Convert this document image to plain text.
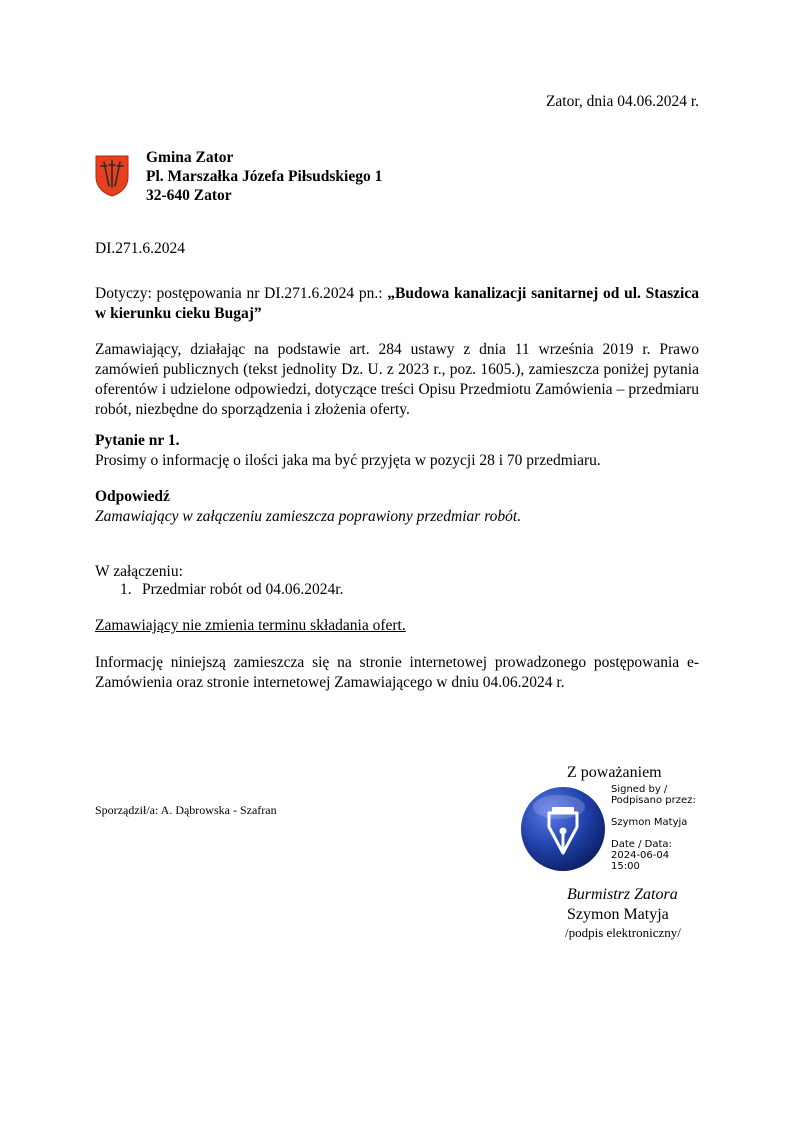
Zator, dnia 04.06.2024 r.
Gmina Zator
Pl. Marszałka Józefa Piłsudskiego 1
32-640 Zator
DI.271.6.2024
Dotyczy: postępowania nr DI.271.6.2024 pn.: „Budowa kanalizacji sanitarnej od ul. Staszica w kierunku cieku Bugaj”
Zamawiający, działając na podstawie art. 284 ustawy z dnia 11 września 2019 r. Prawo zamówień publicznych (tekst jednolity Dz. U. z 2023 r., poz. 1605.), zamieszcza poniżej pytania oferentów i udzielone odpowiedzi, dotyczące treści Opisu Przedmiotu Zamówienia – przedmiaru robót, niezbędne do sporządzenia i złożenia oferty.
Pytanie nr 1.
Prosimy o informację o ilości jaka ma być przyjęta w pozycji 28 i 70 przedmiaru.
Odpowiedź
Zamawiający w załączeniu zamieszcza poprawiony przedmiar robót.
W załączeniu:
1. Przedmiar robót od 04.06.2024r.
Zamawiający nie zmienia terminu składania ofert.
Informację niniejszą zamieszcza się na stronie internetowej prowadzonego postępowania e-Zamówienia oraz stronie internetowej Zamawiającego w dniu 04.06.2024 r.
Z poważaniem
Sporządził/a: A. Dąbrowska - Szafran
Signed by /
Podpisano przez:
Szymon Matyja
Date / Data:
2024-06-04
15:00
Burmistrz Zatora
Szymon Matyja
/podpis elektroniczny/
